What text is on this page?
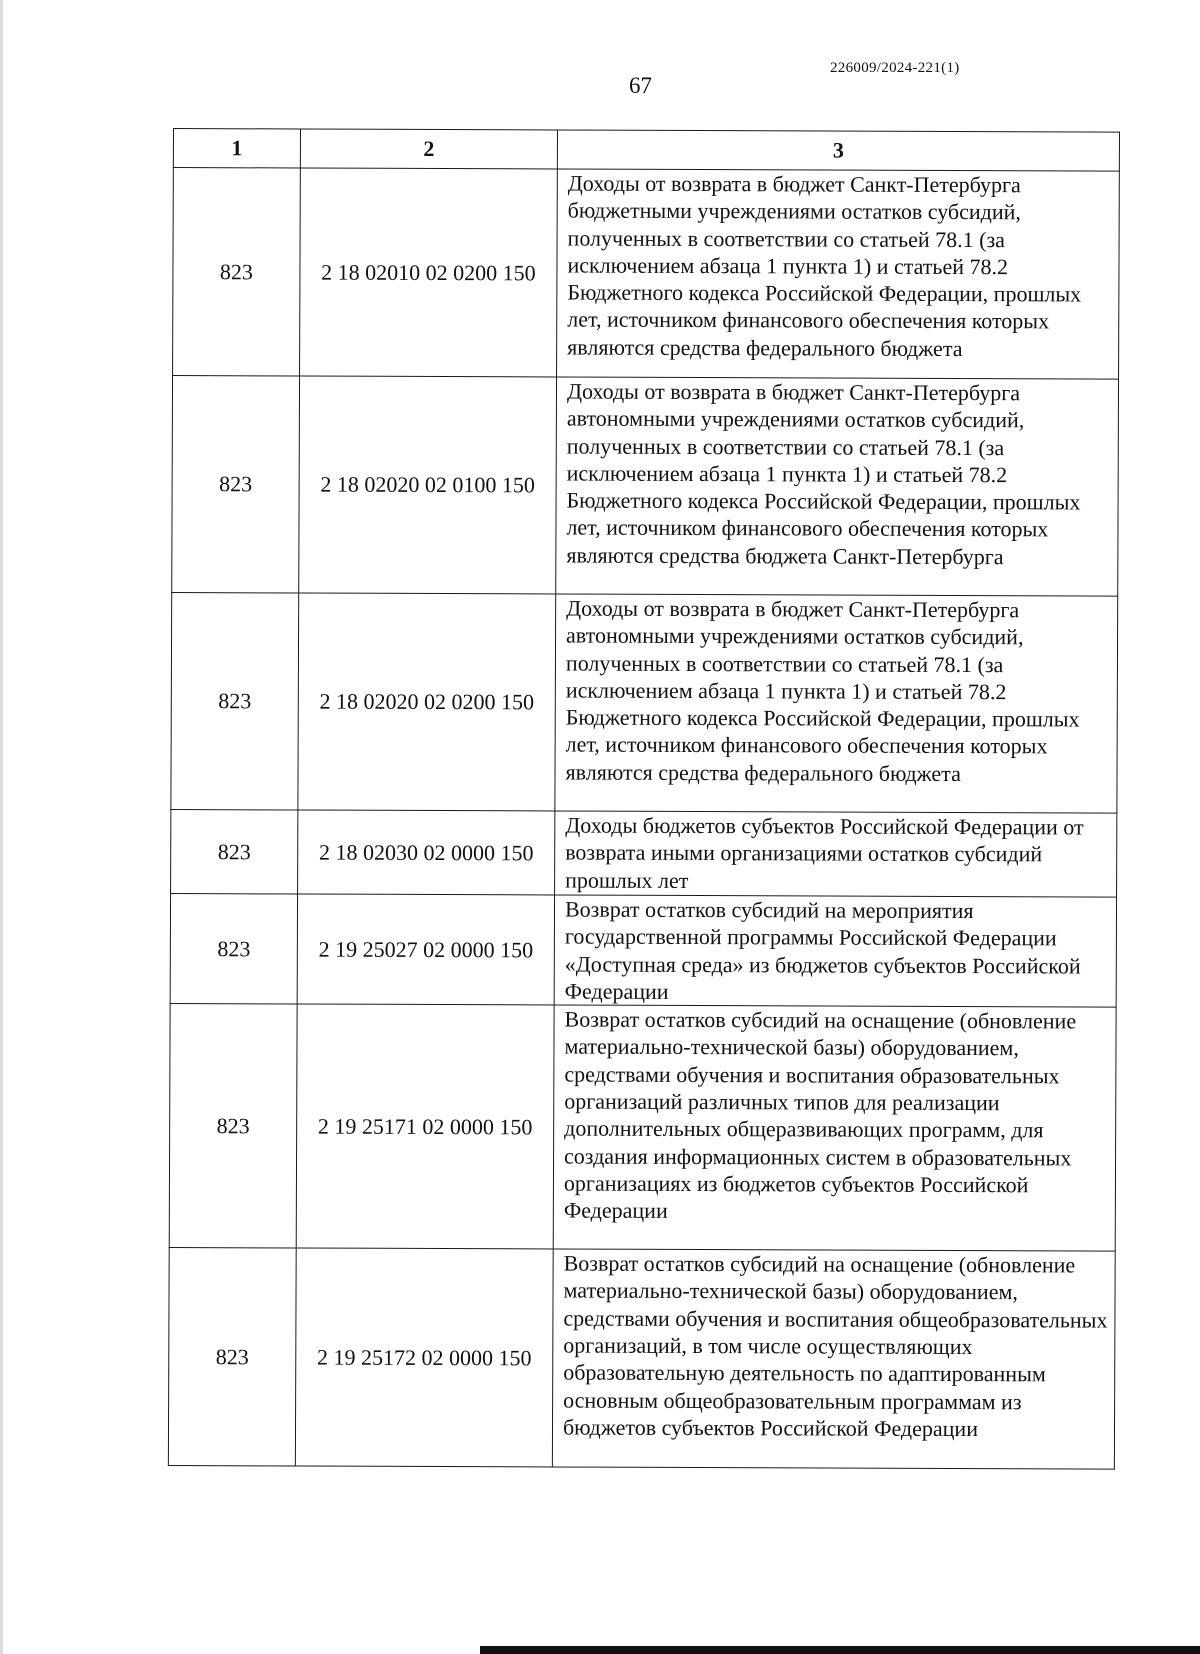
226009/2024-221(1)
67
1	2	3
823	2 18 02010 02 0200 150	Доходы от возврата в бюджет Санкт-Петербурга бюджетными учреждениями остатков субсидий, полученных в соответствии со статьей 78.1 (за исключением абзаца 1 пункта 1) и статьей 78.2 Бюджетного кодекса Российской Федерации, прошлых лет, источником финансового обеспечения которых являются средства федерального бюджета
823	2 18 02020 02 0100 150	Доходы от возврата в бюджет Санкт-Петербурга автономными учреждениями остатков субсидий, полученных в соответствии со статьей 78.1 (за исключением абзаца 1 пункта 1) и статьей 78.2 Бюджетного кодекса Российской Федерации, прошлых лет, источником финансового обеспечения которых являются средства бюджета Санкт-Петербурга
823	2 18 02020 02 0200 150	Доходы от возврата в бюджет Санкт-Петербурга автономными учреждениями остатков субсидий, полученных в соответствии со статьей 78.1 (за исключением абзаца 1 пункта 1) и статьей 78.2 Бюджетного кодекса Российской Федерации, прошлых лет, источником финансового обеспечения которых являются средства федерального бюджета
823	2 18 02030 02 0000 150	Доходы бюджетов субъектов Российской Федерации от возврата иными организациями остатков субсидий прошлых лет
823	2 19 25027 02 0000 150	Возврат остатков субсидий на мероприятия государственной программы Российской Федерации «Доступная среда» из бюджетов субъектов Российской Федерации
823	2 19 25171 02 0000 150	Возврат остатков субсидий на оснащение (обновление материально-технической базы) оборудованием, средствами обучения и воспитания образовательных организаций различных типов для реализации дополнительных общеразвивающих программ, для создания информационных систем в образовательных организациях из бюджетов субъектов Российской Федерации
823	2 19 25172 02 0000 150	Возврат остатков субсидий на оснащение (обновление материально-технической базы) оборудованием, средствами обучения и воспитания общеобразовательных организаций, в том числе осуществляющих образовательную деятельность по адаптированным основным общеобразовательным программам из бюджетов субъектов Российской Федерации
